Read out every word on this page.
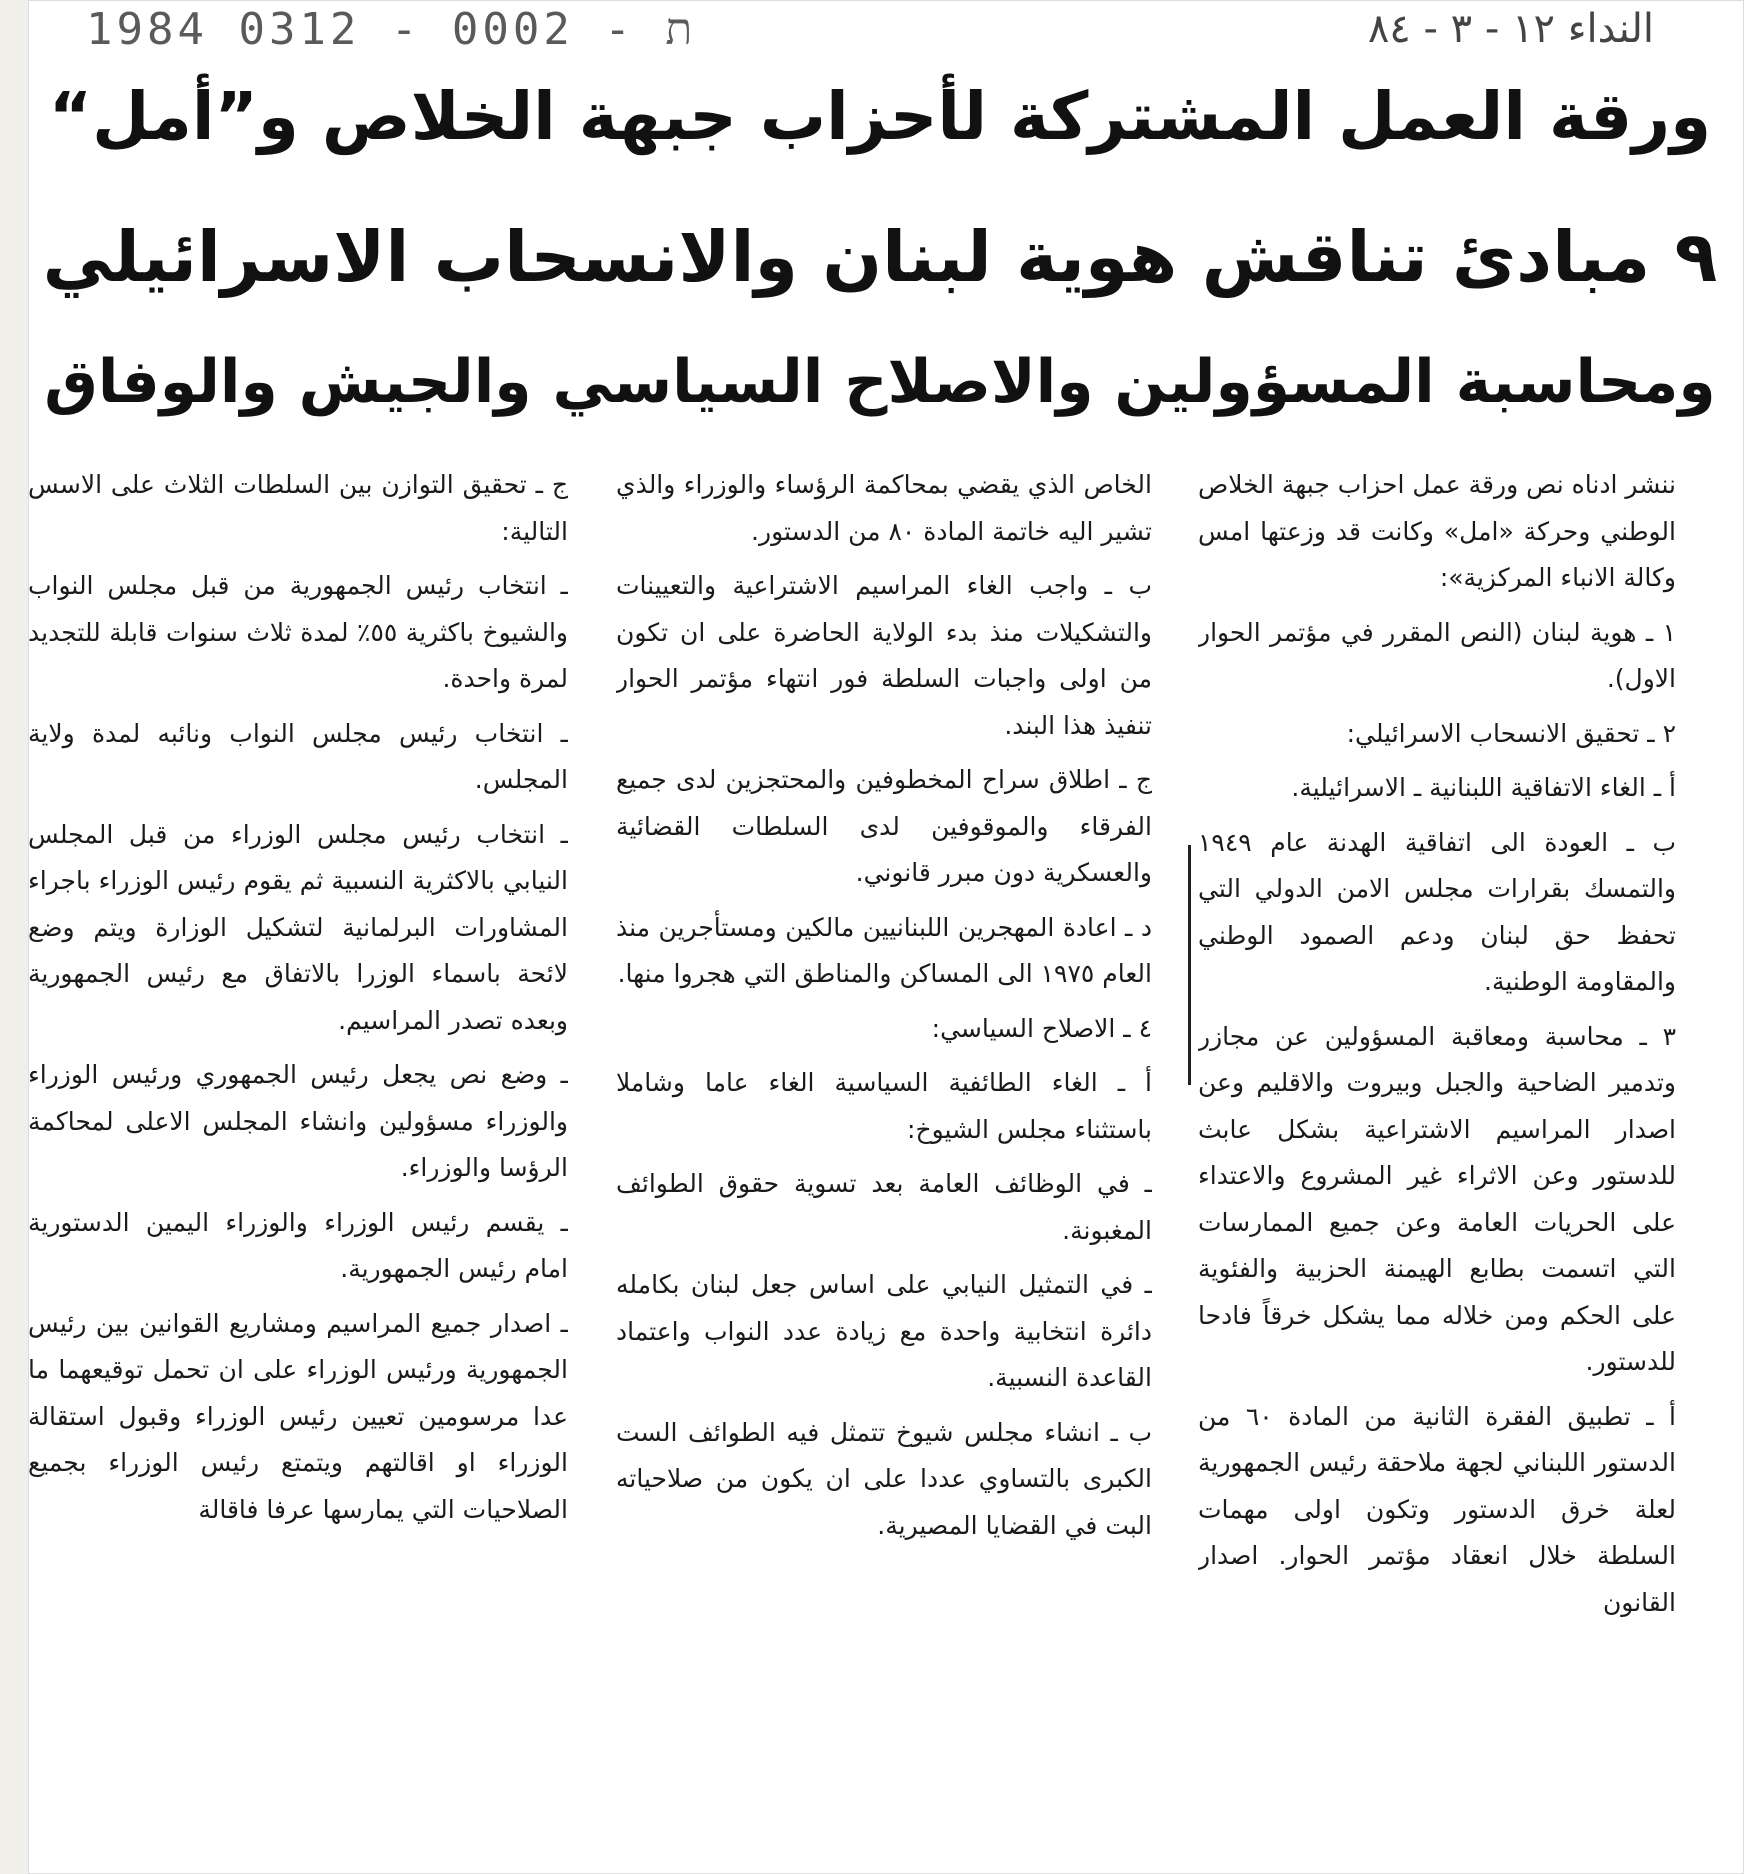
1984 0312 - 0002 - ת	النداء ١٢ - ٣ - ٨٤
ورقة العمل المشتركة لأحزاب جبهة الخلاص و”أمل“
٩ مبادئ تناقش هوية لبنان والانسحاب الاسرائيلي
ومحاسبة المسؤولين والاصلاح السياسي والجيش والوفاق

ننشر ادناه نص ورقة عمل احزاب جبهة الخلاص الوطني وحركة «امل» وكانت قد وزعتها امس وكالة الانباء المركزية»:

١ ـ هوية لبنان (النص المقرر في مؤتمر الحوار الاول).

٢ ـ تحقيق الانسحاب الاسرائيلي:

أ ـ الغاء الاتفاقية اللبنانية ـ الاسرائيلية.

ب ـ العودة الى اتفاقية الهدنة عام ١٩٤٩ والتمسك بقرارات مجلس الامن الدولي التي تحفظ حق لبنان ودعم الصمود الوطني والمقاومة الوطنية.

٣ ـ محاسبة ومعاقبة المسؤولين عن مجازر وتدمير الضاحية والجبل وبيروت والاقليم وعن اصدار المراسيم الاشتراعية بشكل عابث للدستور وعن الاثراء غير المشروع والاعتداء على الحريات العامة وعن جميع الممارسات التي اتسمت بطابع الهيمنة الحزبية والفئوية على الحكم ومن خلاله مما يشكل خرقاً فادحا للدستور.

أ ـ تطبيق الفقرة الثانية من المادة ٦٠ من الدستور اللبناني لجهة ملاحقة رئيس الجمهورية لعلة خرق الدستور وتكون اولى مهمات السلطة خلال انعقاد مؤتمر الحوار. اصدار القانون

الخاص الذي يقضي بمحاكمة الرؤساء والوزراء والذي تشير اليه خاتمة المادة ٨٠ من الدستور.

ب ـ واجب الغاء المراسيم الاشتراعية والتعيينات والتشكيلات منذ بدء الولاية الحاضرة على ان تكون من اولى واجبات السلطة فور انتهاء مؤتمر الحوار تنفيذ هذا البند.

ج ـ اطلاق سراح المخطوفين والمحتجزين لدى جميع الفرقاء والموقوفين لدى السلطات القضائية والعسكرية دون مبرر قانوني.

د ـ اعادة المهجرين اللبنانيين مالكين ومستأجرين منذ العام ١٩٧٥ الى المساكن والمناطق التي هجروا منها.

٤ ـ الاصلاح السياسي:

أ ـ الغاء الطائفية السياسية الغاء عاما وشاملا باستثناء مجلس الشيوخ:

ـ في الوظائف العامة بعد تسوية حقوق الطوائف المغبونة.

ـ في التمثيل النيابي على اساس جعل لبنان بكامله دائرة انتخابية واحدة مع زيادة عدد النواب واعتماد القاعدة النسبية.

ب ـ انشاء مجلس شيوخ تتمثل فيه الطوائف الست الكبرى بالتساوي عددا على ان يكون من صلاحياته البت في القضايا المصيرية.

ج ـ تحقيق التوازن بين السلطات الثلاث على الاسس التالية:

ـ انتخاب رئيس الجمهورية من قبل مجلس النواب والشيوخ باكثرية ٥٥٪ لمدة ثلاث سنوات قابلة للتجديد لمرة واحدة.

ـ انتخاب رئيس مجلس النواب ونائبه لمدة ولاية المجلس.

ـ انتخاب رئيس مجلس الوزراء من قبل المجلس النيابي بالاكثرية النسبية ثم يقوم رئيس الوزراء باجراء المشاورات البرلمانية لتشكيل الوزارة ويتم وضع لائحة باسماء الوزرا بالاتفاق مع رئيس الجمهورية وبعده تصدر المراسيم.

ـ وضع نص يجعل رئيس الجمهوري ورئيس الوزراء والوزراء مسؤولين وانشاء المجلس الاعلى لمحاكمة الرؤسا والوزراء.

ـ يقسم رئيس الوزراء والوزراء اليمين الدستورية امام رئيس الجمهورية.

ـ اصدار جميع المراسيم ومشاريع القوانين بين رئيس الجمهورية ورئيس الوزراء على ان تحمل توقيعهما ما عدا مرسومين تعيين رئيس الوزراء وقبول استقالة الوزراء او اقالتهم ويتمتع رئيس الوزراء بجميع الصلاحيات التي يمارسها عرفا فاقالة
